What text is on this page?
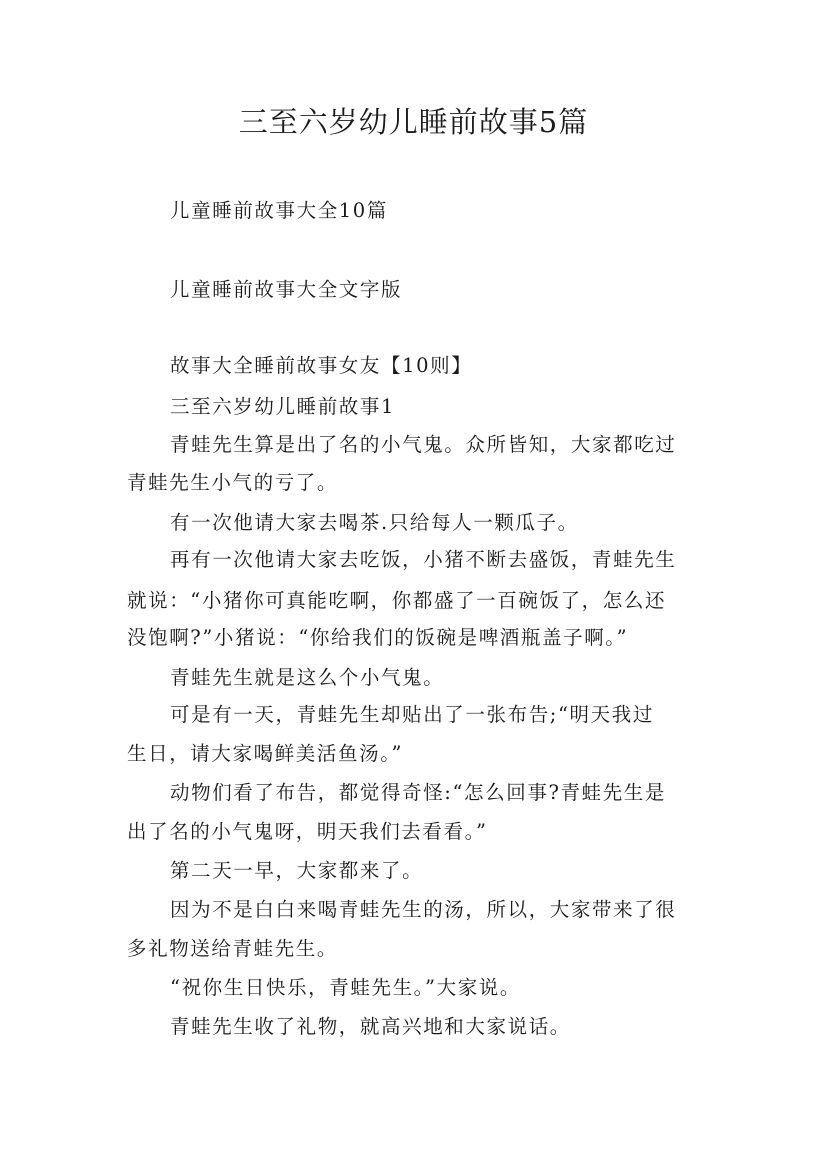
三至六岁幼儿睡前故事5篇
儿童睡前故事大全10篇
儿童睡前故事大全文字版
故事大全睡前故事女友【10则】
三至六岁幼儿睡前故事1
青蛙先生算是出了名的小气鬼。众所皆知，大家都吃过
青蛙先生小气的亏了。
有一次他请大家去喝茶.只给每人一颗瓜子。
再有一次他请大家去吃饭，小猪不断去盛饭，青蛙先生
就说：“小猪你可真能吃啊，你都盛了一百碗饭了，怎么还
没饱啊?”小猪说：“你给我们的饭碗是啤酒瓶盖子啊。”
青蛙先生就是这么个小气鬼。
可是有一天，青蛙先生却贴出了一张布告;“明天我过
生日，请大家喝鲜美活鱼汤。”
动物们看了布告，都觉得奇怪:“怎么回事?青蛙先生是
出了名的小气鬼呀，明天我们去看看。”
第二天一早，大家都来了。
因为不是白白来喝青蛙先生的汤，所以，大家带来了很
多礼物送给青蛙先生。
“祝你生日快乐，青蛙先生。”大家说。
青蛙先生收了礼物，就高兴地和大家说话。
